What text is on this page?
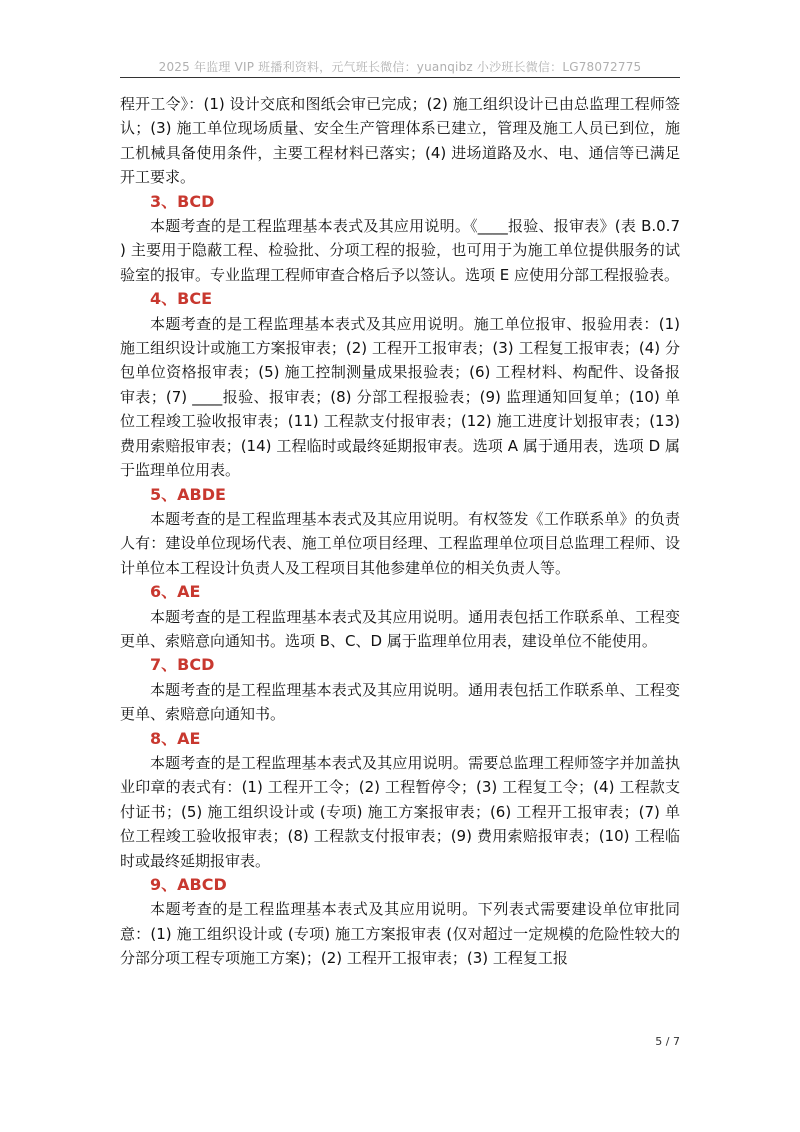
2025 年监理 VIP 班播利资料，元气班长微信：yuanqibz 小沙班长微信：LG78072775

程开工令》：(1) 设计交底和图纸会审已完成；(2) 施工组织设计已由总监理工程师签认；(3) 施工单位现场质量、安全生产管理体系已建立，管理及施工人员已到位，施工机械具备使用条件，主要工程材料已落实；(4) 进场道路及水、电、通信等已满足开工要求。

3、BCD

本题考查的是工程监理基本表式及其应用说明。《____报验、报审表》(表 B.0.7 ) 主要用于隐蔽工程、检验批、分项工程的报验，也可用于为施工单位提供服务的试验室的报审。专业监理工程师审查合格后予以签认。选项 E 应使用分部工程报验表。

4、BCE

本题考查的是工程监理基本表式及其应用说明。施工单位报审、报验用表：(1) 施工组织设计或施工方案报审表；(2) 工程开工报审表；(3) 工程复工报审表；(4) 分包单位资格报审表；(5) 施工控制测量成果报验表；(6) 工程材料、构配件、设备报审表；(7) ____报验、报审表；(8) 分部工程报验表；(9) 监理通知回复单；(10) 单位工程竣工验收报审表；(11) 工程款支付报审表；(12) 施工进度计划报审表；(13) 费用索赔报审表；(14) 工程临时或最终延期报审表。选项 A 属于通用表，选项 D 属于监理单位用表。

5、ABDE

本题考查的是工程监理基本表式及其应用说明。有权签发《工作联系单》的负责人有：建设单位现场代表、施工单位项目经理、工程监理单位项目总监理工程师、设计单位本工程设计负责人及工程项目其他参建单位的相关负责人等。

6、AE

本题考查的是工程监理基本表式及其应用说明。通用表包括工作联系单、工程变更单、索赔意向通知书。选项 B、C、D 属于监理单位用表，建设单位不能使用。

7、BCD

本题考查的是工程监理基本表式及其应用说明。通用表包括工作联系单、工程变更单、索赔意向通知书。

8、AE

本题考查的是工程监理基本表式及其应用说明。需要总监理工程师签字并加盖执业印章的表式有：(1) 工程开工令；(2) 工程暂停令；(3) 工程复工令；(4) 工程款支付证书；(5) 施工组织设计或 (专项) 施工方案报审表；(6) 工程开工报审表；(7) 单位工程竣工验收报审表；(8) 工程款支付报审表；(9) 费用索赔报审表；(10) 工程临时或最终延期报审表。

9、ABCD

本题考查的是工程监理基本表式及其应用说明。下列表式需要建设单位审批同意：(1) 施工组织设计或 (专项) 施工方案报审表 (仅对超过一定规模的危险性较大的分部分项工程专项施工方案)；(2) 工程开工报审表；(3) 工程复工报

5 / 7
